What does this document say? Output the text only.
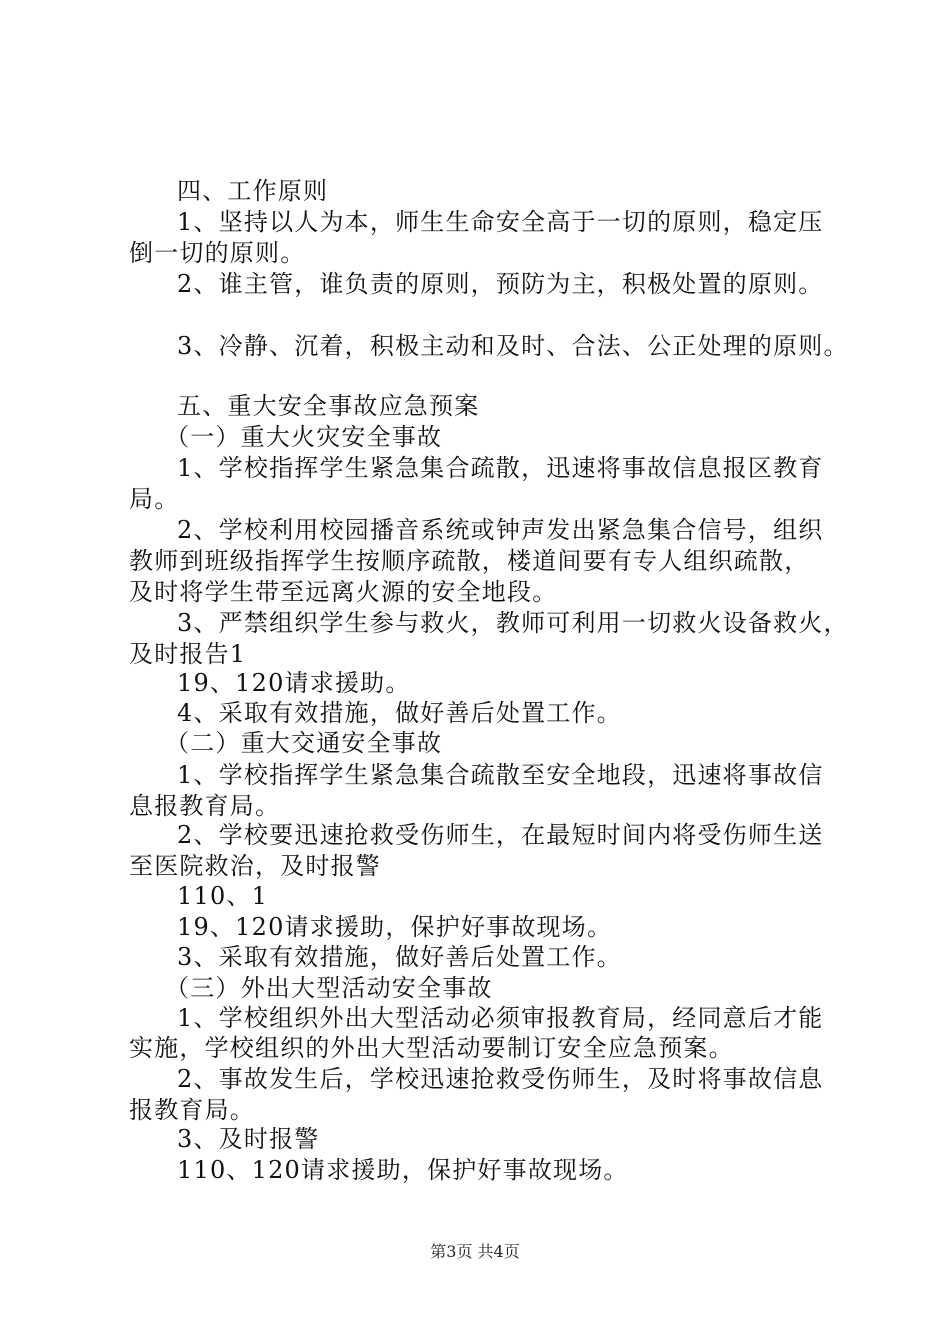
四、工作原则
1、坚持以人为本，师生生命安全高于一切的原则，稳定压
倒一切的原则。
2、谁主管，谁负责的原则，预防为主，积极处置的原则。
3、冷静、沉着，积极主动和及时、合法、公正处理的原则。
五、重大安全事故应急预案
（一）重大火灾安全事故
1、学校指挥学生紧急集合疏散，迅速将事故信息报区教育
局。
2、学校利用校园播音系统或钟声发出紧急集合信号，组织
教师到班级指挥学生按顺序疏散，楼道间要有专人组织疏散，
及时将学生带至远离火源的安全地段。
3、严禁组织学生参与救火，教师可利用一切救火设备救火，
及时报告1
19、120请求援助。
4、采取有效措施，做好善后处置工作。
（二）重大交通安全事故
1、学校指挥学生紧急集合疏散至安全地段，迅速将事故信
息报教育局。
2、学校要迅速抢救受伤师生，在最短时间内将受伤师生送
至医院救治，及时报警
110、1
19、120请求援助，保护好事故现场。
3、采取有效措施，做好善后处置工作。
（三）外出大型活动安全事故
1、学校组织外出大型活动必须审报教育局，经同意后才能
实施，学校组织的外出大型活动要制订安全应急预案。
2、事故发生后，学校迅速抢救受伤师生，及时将事故信息
报教育局。
3、及时报警
110、120请求援助，保护好事故现场。
第3页 共4页
